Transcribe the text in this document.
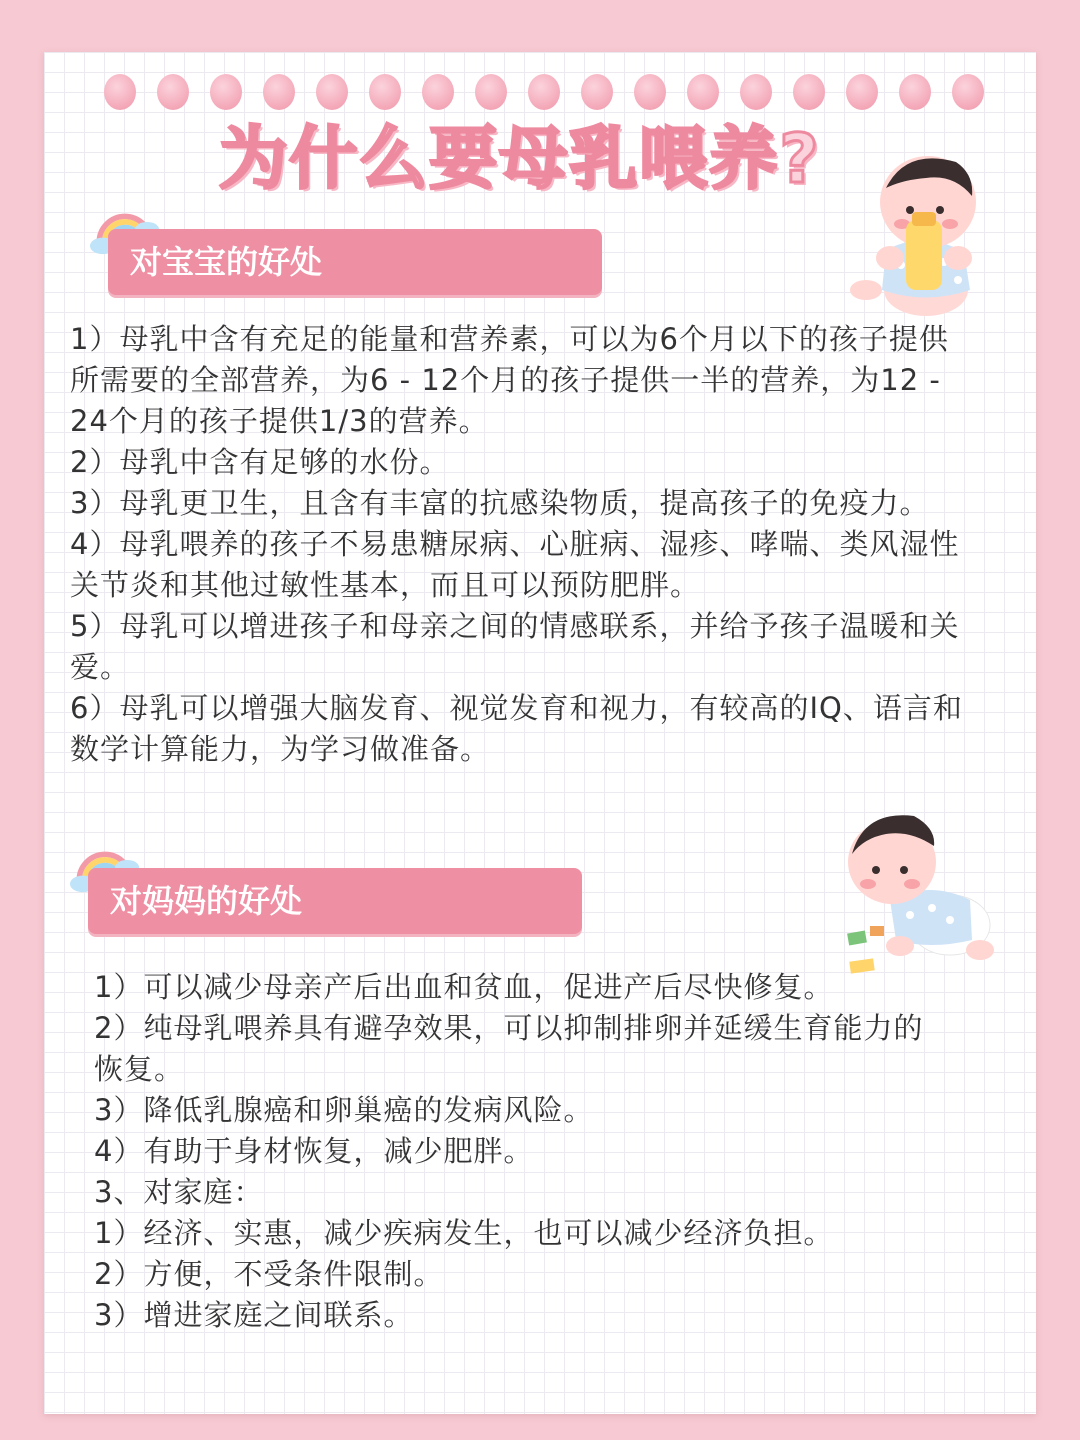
为什么要母乳喂养?
对宝宝的好处

1）母乳中含有充足的能量和营养素，可以为6个月以下的孩子提供所需要的全部营养，为6 - 12个月的孩子提供一半的营养，为12 - 24个月的孩子提供1/3的营养。

2）母乳中含有足够的水份。

3）母乳更卫生，且含有丰富的抗感染物质，提高孩子的免疫力。

4）母乳喂养的孩子不易患糖尿病、心脏病、湿疹、哮喘、类风湿性关节炎和其他过敏性基本，而且可以预防肥胖。

5）母乳可以增进孩子和母亲之间的情感联系，并给予孩子温暖和关爱。

6）母乳可以增强大脑发育、视觉发育和视力，有较高的IQ、语言和数学计算能力，为学习做准备。

对妈妈的好处

1）可以减少母亲产后出血和贫血，促进产后尽快修复。

2）纯母乳喂养具有避孕效果，可以抑制排卵并延缓生育能力的恢复。

3）降低乳腺癌和卵巢癌的发病风险。

4）有助于身材恢复，减少肥胖。

3、对家庭：

1）经济、实惠，减少疾病发生，也可以减少经济负担。

2）方便，不受条件限制。

3）增进家庭之间联系。
